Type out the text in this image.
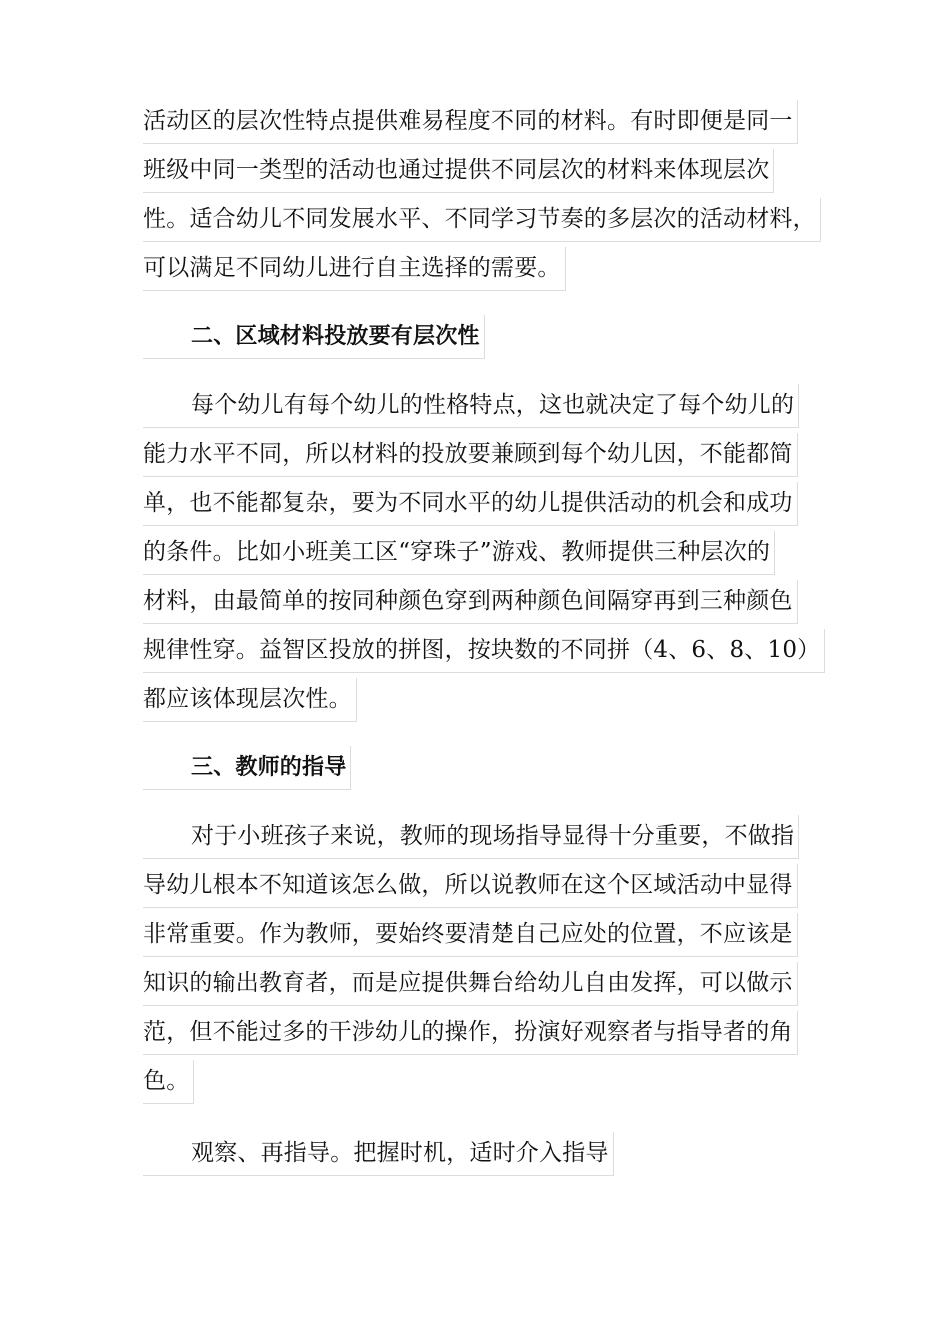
活动区的层次性特点提供难易程度不同的材料。有时即便是同一
班级中同一类型的活动也通过提供不同层次的材料来体现层次
性。适合幼儿不同发展水平、不同学习节奏的多层次的活动材料，
可以满足不同幼儿进行自主选择的需要。
二、区域材料投放要有层次性
每个幼儿有每个幼儿的性格特点，这也就决定了每个幼儿的
能力水平不同，所以材料的投放要兼顾到每个幼儿因，不能都简
单，也不能都复杂，要为不同水平的幼儿提供活动的机会和成功
的条件。比如小班美工区“穿珠子”游戏、教师提供三种层次的
材料，由最简单的按同种颜色穿到两种颜色间隔穿再到三种颜色
规律性穿。益智区投放的拼图，按块数的不同拼（4、6、8、10）
都应该体现层次性。
三、教师的指导
对于小班孩子来说，教师的现场指导显得十分重要，不做指
导幼儿根本不知道该怎么做，所以说教师在这个区域活动中显得
非常重要。作为教师，要始终要清楚自己应处的位置，不应该是
知识的输出教育者，而是应提供舞台给幼儿自由发挥，可以做示
范，但不能过多的干涉幼儿的操作，扮演好观察者与指导者的角
色。
观察、再指导。把握时机，适时介入指导
